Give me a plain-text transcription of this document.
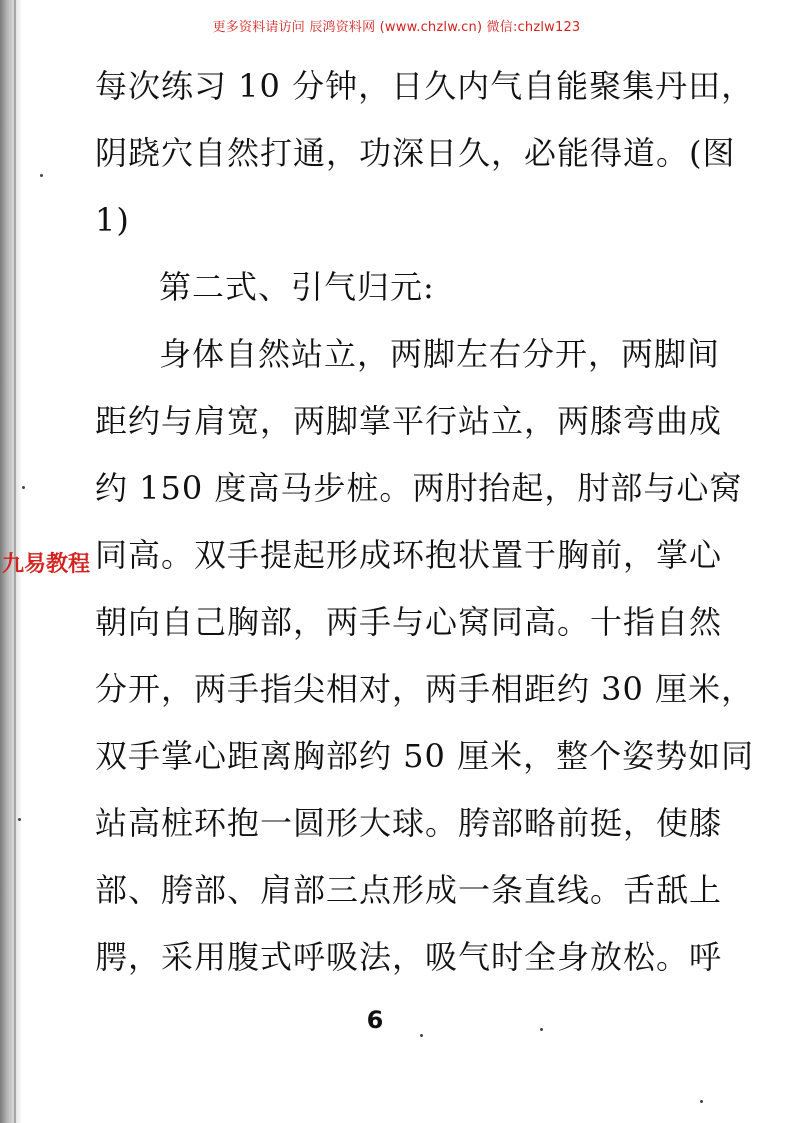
更多资料请访问 辰鸿资料网 (www.chzlw.cn) 微信:chzlw123
九易教程
每次练习 10 分钟，日久内气自能聚集丹田，
阴跷穴自然打通，功深日久，必能得道。(图
1)
第二式、引气归元:
身体自然站立，两脚左右分开，两脚间
距约与肩宽，两脚掌平行站立，两膝弯曲成
约 150 度高马步桩。两肘抬起，肘部与心窝
同高。双手提起形成环抱状置于胸前，掌心
朝向自己胸部，两手与心窝同高。十指自然
分开，两手指尖相对，两手相距约 30 厘米，
双手掌心距离胸部约 50 厘米，整个姿势如同
站高桩环抱一圆形大球。胯部略前挺，使膝
部、胯部、肩部三点形成一条直线。舌舐上
腭，采用腹式呼吸法，吸气时全身放松。呼
6
